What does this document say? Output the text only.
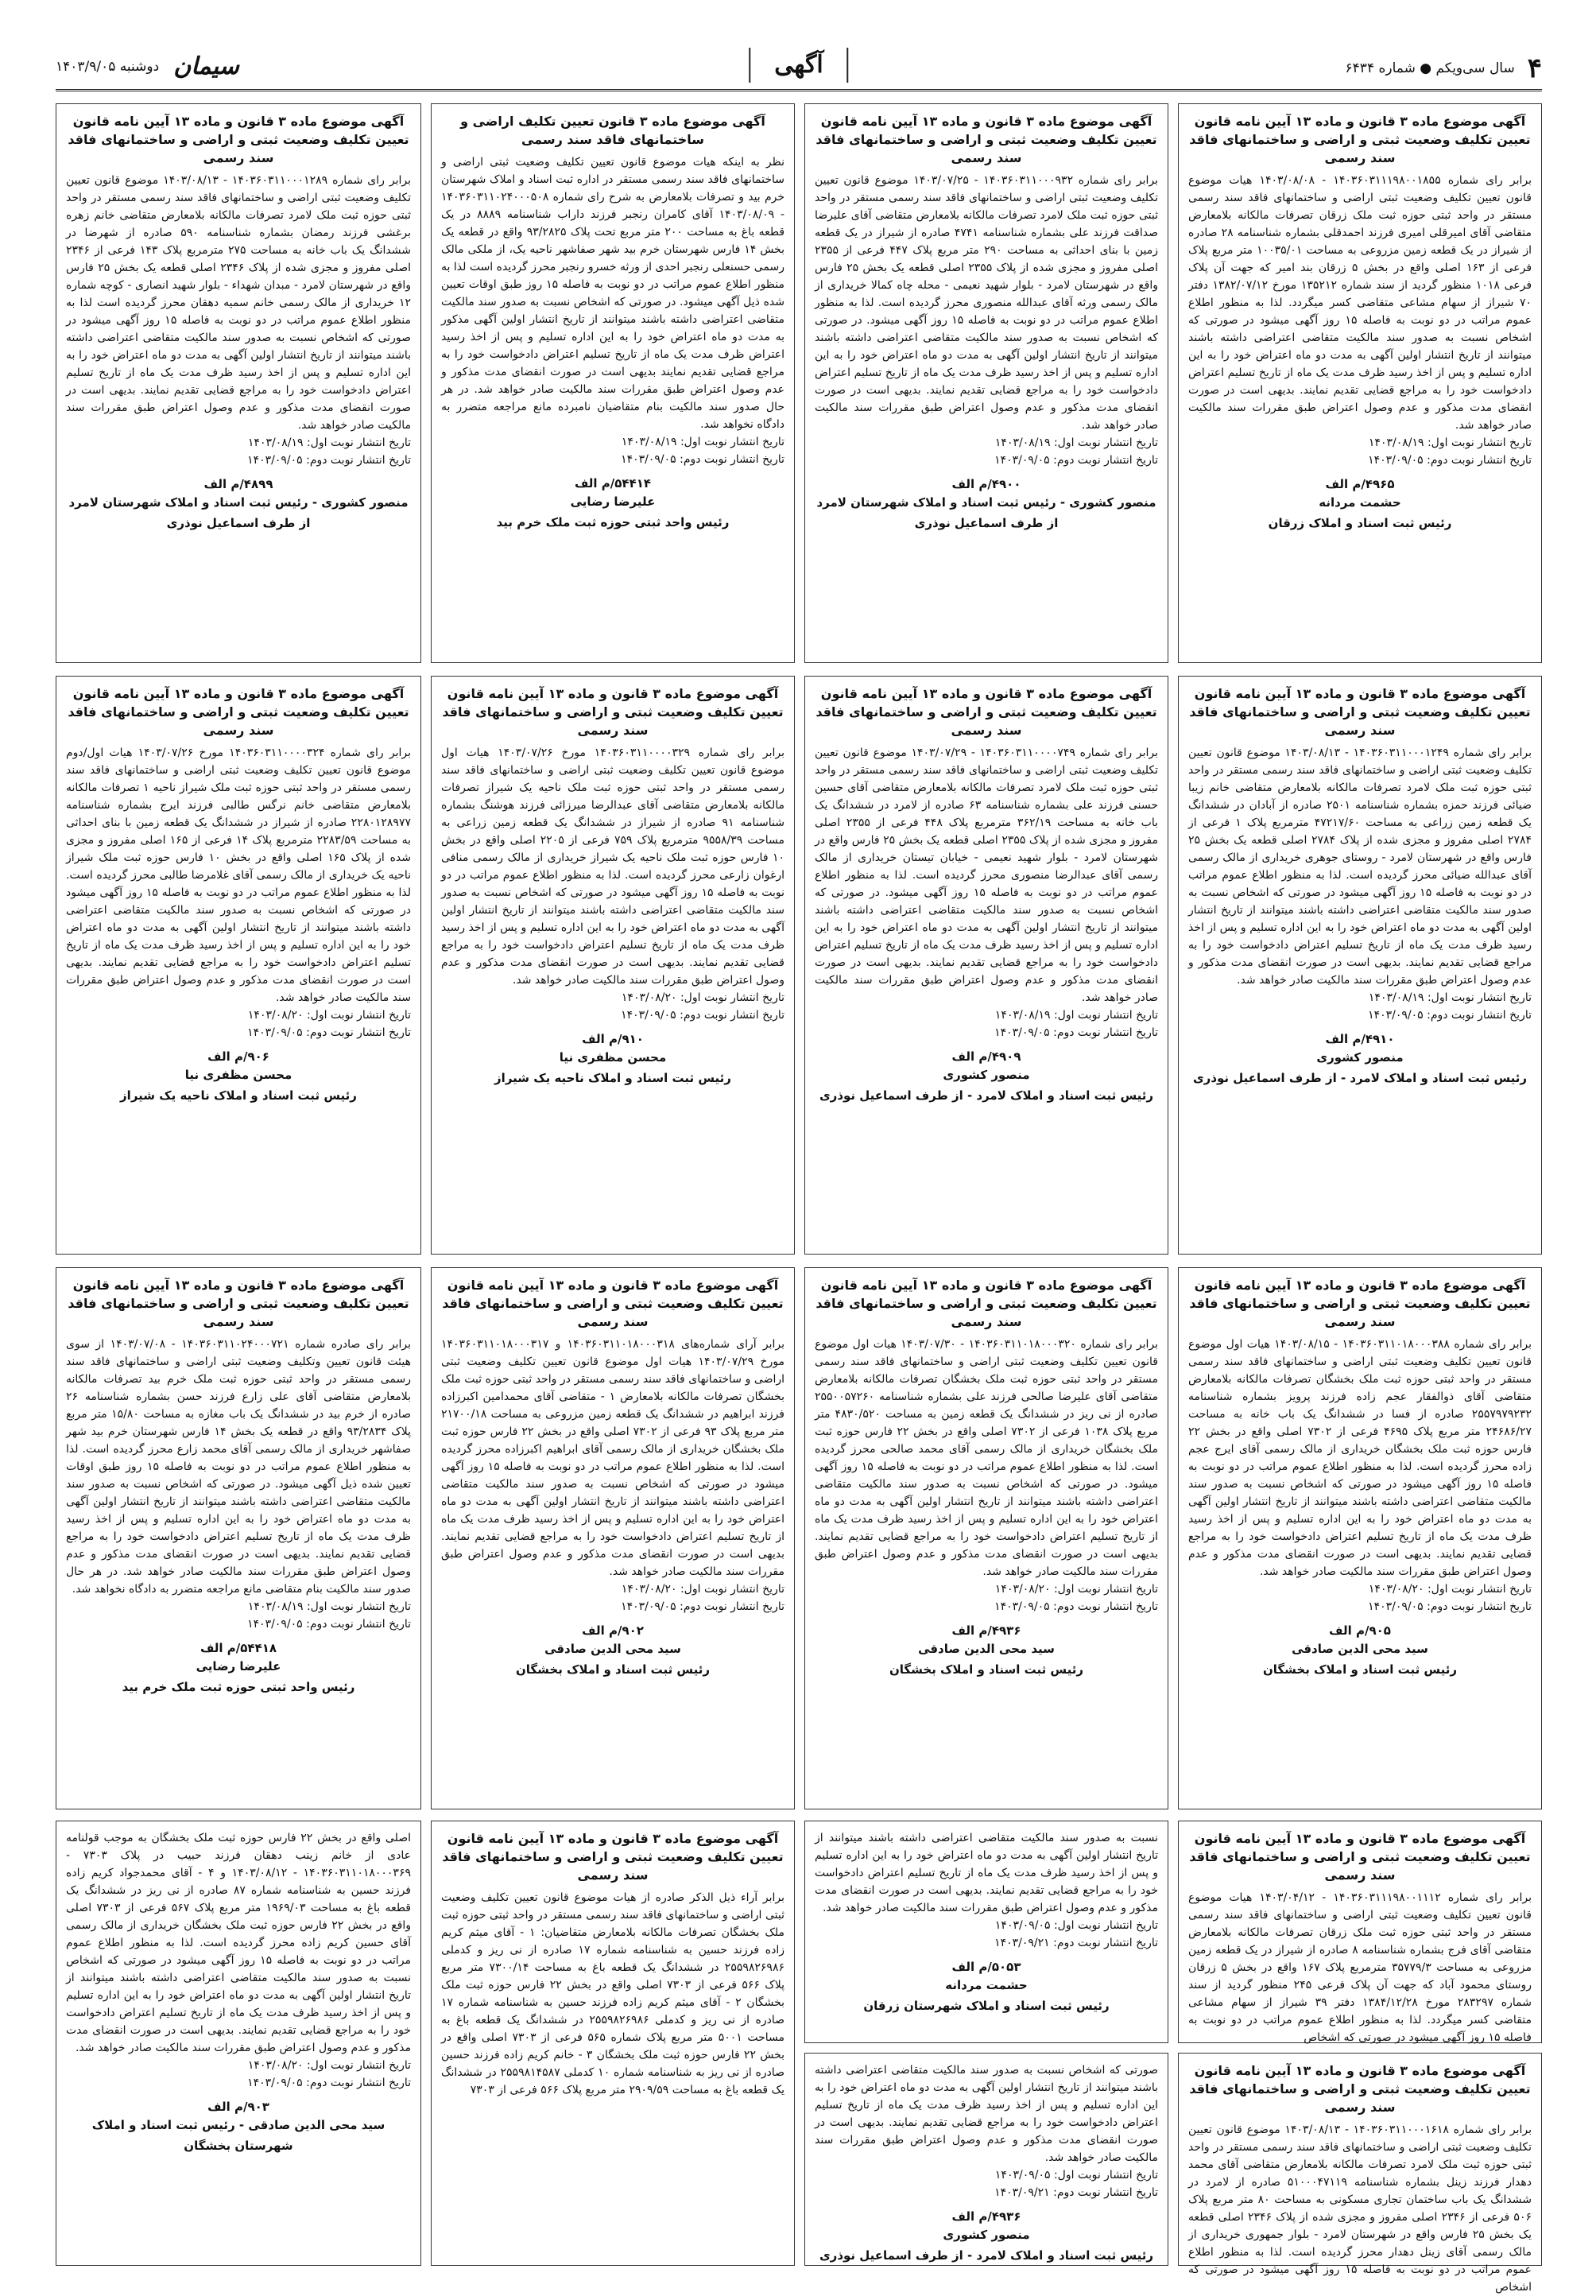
۴
سال سی‌ویکم ● شماره ۶۴۳۴
آگهی
سیمان
دوشنبه ۱۴۰۳/۹/۰۵

آگهی موضوع ماده ۳ قانون و ماده ۱۳ آیین نامه قانون تعیین تکلیف وضعیت ثبتی و اراضی و ساختمانهای فاقد سند رسمی

برابر رای شماره ۱۴۰۳۶۰۳۱۱۱۹۸۰۰۱۸۵۵ - ۱۴۰۳/۰۸/۰۸ هیات موضوع قانون تعیین تکلیف وضعیت ثبتی اراضی و ساختمانهای فاقد سند رسمی مستقر در واحد ثبتی حوزه ثبت ملک زرقان تصرفات مالکانه بلامعارض متقاضی آقای امیرقلی امیری فرزند احمدقلی بشماره شناسنامه ۲۸ صادره از شیراز در یک قطعه زمین مزروعی به مساحت ۱۰۰۳۵/۰۱ متر مربع پلاک فرعی از ۱۶۳ اصلی واقع در بخش ۵ زرقان بند امیر که جهت آن پلاک فرعی ۱۰۱۸ منظور گردید از سند شماره ۱۳۵۲۱۲ مورخ ۱۳۸۲/۰۷/۱۲ دفتر ۷۰ شیراز از سهام مشاعی متقاضی کسر میگردد. لذا به منظور اطلاع عموم مراتب در دو نوبت به فاصله ۱۵ روز آگهی میشود در صورتی که اشخاص نسبت به صدور سند مالکیت متقاضی اعتراضی داشته باشند میتوانند از تاریخ انتشار اولین آگهی به مدت دو ماه اعتراض خود را به این اداره تسلیم و پس از اخذ رسید ظرف مدت یک ماه از تاریخ تسلیم اعتراض دادخواست خود را به مراجع قضایی تقدیم نمایند. بدیهی است در صورت انقضای مدت مذکور و عدم وصول اعتراض طبق مقررات سند مالکیت صادر خواهد شد.

تاریخ انتشار نوبت اول: ۱۴۰۳/۰۸/۱۹

تاریخ انتشار نوبت دوم: ۱۴۰۳/۰۹/۰۵

۴۹۶۵/م الف

حشمت مردانه

رئیس ثبت اسناد و املاک زرقان

آگهی موضوع ماده ۳ قانون و ماده ۱۳ آیین نامه قانون تعیین تکلیف وضعیت ثبتی و اراضی و ساختمانهای فاقد سند رسمی

برابر رای شماره ۱۴۰۳۶۰۳۱۱۰۰۰۹۳۲ - ۱۴۰۳/۰۷/۲۵ موضوع قانون تعیین تکلیف وضعیت ثبتی اراضی و ساختمانهای فاقد سند رسمی مستقر در واحد ثبتی حوزه ثبت ملک لامرد تصرفات مالکانه بلامعارض متقاضی آقای علیرضا صداقت فرزند علی بشماره شناسنامه ۴۷۴۱ صادره از شیراز در یک قطعه زمین با بنای احداثی به مساحت ۲۹۰ متر مربع پلاک ۴۴۷ فرعی از ۲۳۵۵ اصلی مفروز و مجزی شده از پلاک ۲۳۵۵ اصلی قطعه یک بخش ۲۵ فارس واقع در شهرستان لامرد - بلوار شهید نعیمی - محله چاه کمالا خریداری از مالک رسمی ورثه آقای عبدالله منصوری محرز گردیده است. لذا به منظور اطلاع عموم مراتب در دو نوبت به فاصله ۱۵ روز آگهی میشود. در صورتی که اشخاص نسبت به صدور سند مالکیت متقاضی اعتراضی داشته باشند میتوانند از تاریخ انتشار اولین آگهی به مدت دو ماه اعتراض خود را به این اداره تسلیم و پس از اخذ رسید ظرف مدت یک ماه از تاریخ تسلیم اعتراض دادخواست خود را به مراجع قضایی تقدیم نمایند. بدیهی است در صورت انقضای مدت مذکور و عدم وصول اعتراض طبق مقررات سند مالکیت صادر خواهد شد.

تاریخ انتشار نوبت اول: ۱۴۰۳/۰۸/۱۹

تاریخ انتشار نوبت دوم: ۱۴۰۳/۰۹/۰۵

۴۹۰۰/م الف

منصور کشوری - رئیس ثبت اسناد و املاک شهرستان لامرد

از طرف اسماعیل نوذری

آگهی موضوع ماده ۳ قانون تعیین تکلیف اراضی و ساختمانهای فاقد سند رسمی

نظر به اینکه هیات موضوع قانون تعیین تکلیف وضعیت ثبتی اراضی و ساختمانهای فاقد سند رسمی مستقر در اداره ثبت اسناد و املاک شهرستان خرم بید و تصرفات بلامعارض به شرح رای شماره ۱۴۰۳۶۰۳۱۱۰۲۴۰۰۰۵۰۸ - ۱۴۰۳/۰۸/۰۹ آقای کامران رنجبر فرزند داراب شناسنامه ۸۸۸۹ در یک قطعه باغ به مساحت ۲۰۰ متر مربع تحت پلاک ۹۳/۲۸۲۵ واقع در قطعه یک بخش ۱۴ فارس شهرستان خرم بید شهر صفاشهر ناحیه یک، از ملکی مالک رسمی حسنعلی رنجبر احدی از ورثه خسرو رنجبر محرز گردیده است لذا به منظور اطلاع عموم مراتب در دو نوبت به فاصله ۱۵ روز طبق اوقات تعیین شده ذیل آگهی میشود. در صورتی که اشخاص نسبت به صدور سند مالکیت متقاضی اعتراضی داشته باشند میتوانند از تاریخ انتشار اولین آگهی مذکور به مدت دو ماه اعتراض خود را به این اداره تسلیم و پس از اخذ رسید اعتراض ظرف مدت یک ماه از تاریخ تسلیم اعتراض دادخواست خود را به مراجع قضایی تقدیم نمایند بدیهی است در صورت انقضای مدت مذکور و عدم وصول اعتراض طبق مقررات سند مالکیت صادر خواهد شد. در هر حال صدور سند مالکیت بنام متقاضیان نامبرده مانع مراجعه متضرر به دادگاه نخواهد شد.

تاریخ انتشار نوبت اول: ۱۴۰۳/۰۸/۱۹

تاریخ انتشار نوبت دوم: ۱۴۰۳/۰۹/۰۵

۵۴۴۱۴/م الف

علیرضا رضایی

رئیس واحد ثبتی حوزه ثبت ملک خرم بید

آگهی موضوع ماده ۳ قانون و ماده ۱۳ آیین نامه قانون تعیین تکلیف وضعیت ثبتی و اراضی و ساختمانهای فاقد سند رسمی

برابر رای شماره ۱۴۰۳۶۰۳۱۱۰۰۰۱۲۸۹ - ۱۴۰۳/۰۸/۱۳ موضوع قانون تعیین تکلیف وضعیت ثبتی اراضی و ساختمانهای فاقد سند رسمی مستقر در واحد ثبتی حوزه ثبت ملک لامرد تصرفات مالکانه بلامعارض متقاضی خانم زهره برغشی فرزند رمضان بشماره شناسنامه ۵۹۰ صادره از شهرضا در ششدانگ یک باب خانه به مساحت ۲۷۵ مترمربع پلاک ۱۴۳ فرعی از ۲۳۴۶ اصلی مفروز و مجزی شده از پلاک ۲۳۴۶ اصلی قطعه یک بخش ۲۵ فارس واقع در شهرستان لامرد - مبدان شهداء - بلوار شهید انصاری - کوچه شماره ۱۲ خریداری از مالک رسمی خانم سمیه دهقان محرز گردیده است لذا به منظور اطلاع عموم مراتب در دو نوبت به فاصله ۱۵ روز آگهی میشود در صورتی که اشخاص نسبت به صدور سند مالکیت متقاضی اعتراضی داشته باشند میتوانند از تاریخ انتشار اولین آگهی به مدت دو ماه اعتراض خود را به این اداره تسلیم و پس از اخذ رسید ظرف مدت یک ماه از تاریخ تسلیم اعتراض دادخواست خود را به مراجع قضایی تقدیم نمایند. بدیهی است در صورت انقضای مدت مذکور و عدم وصول اعتراض طبق مقررات سند مالکیت صادر خواهد شد.

تاریخ انتشار نوبت اول: ۱۴۰۳/۰۸/۱۹

تاریخ انتشار نوبت دوم: ۱۴۰۳/۰۹/۰۵

۴۸۹۹/م الف

منصور کشوری - رئیس ثبت اسناد و املاک شهرستان لامرد

از طرف اسماعیل نوذری

آگهی موضوع ماده ۳ قانون و ماده ۱۳ آیین نامه قانون تعیین تکلیف وضعیت ثبتی و اراضی و ساختمانهای فاقد سند رسمی

برابر رای شماره ۱۴۰۳۶۰۳۱۱۰۰۰۱۲۴۹ - ۱۴۰۳/۰۸/۱۳ موضوع قانون تعیین تکلیف وضعیت ثبتی اراضی و ساختمانهای فاقد سند رسمی مستقر در واحد ثبتی حوزه ثبت ملک لامرد تصرفات مالکانه بلامعارض متقاضی خانم زیبا ضیائی فرزند حمزه بشماره شناسنامه ۲۵۰۱ صادره از آبادان در ششدانگ یک قطعه زمین زراعی به مساحت ۴۷۲۱۷/۶۰ مترمربع پلاک ۱ فرعی از ۲۷۸۴ اصلی مفروز و مجزی شده از پلاک ۲۷۸۴ اصلی قطعه یک بخش ۲۵ فارس واقع در شهرستان لامرد - روستای جوهری خریداری از مالک رسمی آقای عبدالله ضیائی محرز گردیده است. لذا به منظور اطلاع عموم مراتب در دو نوبت به فاصله ۱۵ روز آگهی میشود در صورتی که اشخاص نسبت به صدور سند مالکیت متقاضی اعتراضی داشته باشند میتوانند از تاریخ انتشار اولین آگهی به مدت دو ماه اعتراض خود را به این اداره تسلیم و پس از اخذ رسید ظرف مدت یک ماه از تاریخ تسلیم اعتراض دادخواست خود را به مراجع قضایی تقدیم نمایند. بدیهی است در صورت انقضای مدت مذکور و عدم وصول اعتراض طبق مقررات سند مالکیت صادر خواهد شد.

تاریخ انتشار نوبت اول: ۱۴۰۳/۰۸/۱۹

تاریخ انتشار نوبت دوم: ۱۴۰۳/۰۹/۰۵

۴۹۱۰/م الف

منصور کشوری

رئیس ثبت اسناد و املاک لامرد - از طرف اسماعیل نوذری

آگهی موضوع ماده ۳ قانون و ماده ۱۳ آیین نامه قانون تعیین تکلیف وضعیت ثبتی و اراضی و ساختمانهای فاقد سند رسمی

برابر رای شماره ۱۴۰۳۶۰۳۱۱۰۰۰۰۷۴۹ - ۱۴۰۳/۰۷/۲۹ موضوع قانون تعیین تکلیف وضعیت ثبتی اراضی و ساختمانهای فاقد سند رسمی مستقر در واحد ثبتی حوزه ثبت ملک لامرد تصرفات مالکانه بلامعارض متقاضی آقای حسین حسنی فرزند علی بشماره شناسنامه ۶۳ صادره از لامرد در ششدانگ یک باب خانه به مساحت ۳۶۲/۱۹ مترمربع پلاک ۴۴۸ فرعی از ۲۳۵۵ اصلی مفروز و مجزی شده از پلاک ۲۳۵۵ اصلی قطعه یک بخش ۲۵ فارس واقع در شهرستان لامرد - بلوار شهید نعیمی - خیابان تیستان خریداری از مالک رسمی آقای عبدالرضا منصوری محرز گردیده است. لذا به منظور اطلاع عموم مراتب در دو نوبت به فاصله ۱۵ روز آگهی میشود. در صورتی که اشخاص نسبت به صدور سند مالکیت متقاضی اعتراضی داشته باشند میتوانند از تاریخ انتشار اولین آگهی به مدت دو ماه اعتراض خود را به این اداره تسلیم و پس از اخذ رسید ظرف مدت یک ماه از تاریخ تسلیم اعتراض دادخواست خود را به مراجع قضایی تقدیم نمایند. بدیهی است در صورت انقضای مدت مذکور و عدم وصول اعتراض طبق مقررات سند مالکیت صادر خواهد شد.

تاریخ انتشار نوبت اول: ۱۴۰۳/۰۸/۱۹

تاریخ انتشار نوبت دوم: ۱۴۰۳/۰۹/۰۵

۴۹۰۹/م الف

منصور کشوری

رئیس ثبت اسناد و املاک لامرد - از طرف اسماعیل نوذری

آگهی موضوع ماده ۳ قانون و ماده ۱۳ آیین نامه قانون تعیین تکلیف وضعیت ثبتی و اراضی و ساختمانهای فاقد سند رسمی

برابر رای شماره ۱۴۰۳۶۰۳۱۱۰۰۰۰۳۲۹ مورخ ۱۴۰۳/۰۷/۲۶ هیات اول موضوع قانون تعیین تکلیف وضعیت ثبتی اراضی و ساختمانهای فاقد سند رسمی مستقر در واحد ثبتی حوزه ثبت ملک ناحیه یک شیراز تصرفات مالکانه بلامعارض متقاضی آقای عبدالرضا میرزائی فرزند هوشنگ بشماره شناسنامه ۹۱ صادره از شیراز در ششدانگ یک قطعه زمین زراعی به مساحت ۹۵۵۸/۳۹ مترمربع پلاک ۷۵۹ فرعی از ۲۲۰۵ اصلی واقع در بخش ۱۰ فارس حوزه ثبت ملک ناحیه یک شیراز خریداری از مالک رسمی منافی ارغوان زارعی محرز گردیده است. لذا به منظور اطلاع عموم مراتب در دو نوبت به فاصله ۱۵ روز آگهی میشود در صورتی که اشخاص نسبت به صدور سند مالکیت متقاضی اعتراضی داشته باشند میتوانند از تاریخ انتشار اولین آگهی به مدت دو ماه اعتراض خود را به این اداره تسلیم و پس از اخذ رسید ظرف مدت یک ماه از تاریخ تسلیم اعتراض دادخواست خود را به مراجع قضایی تقدیم نمایند. بدیهی است در صورت انقضای مدت مذکور و عدم وصول اعتراض طبق مقررات سند مالکیت صادر خواهد شد.

تاریخ انتشار نوبت اول: ۱۴۰۳/۰۸/۲۰

تاریخ انتشار نوبت دوم: ۱۴۰۳/۰۹/۰۵

۹۱۰/م الف

محسن مظفری نیا

رئیس ثبت اسناد و املاک ناحیه یک شیراز

آگهی موضوع ماده ۳ قانون و ماده ۱۳ آیین نامه قانون تعیین تکلیف وضعیت ثبتی و اراضی و ساختمانهای فاقد سند رسمی

برابر رای شماره ۱۴۰۳۶۰۳۱۱۰۰۰۰۳۲۴ مورخ ۱۴۰۳/۰۷/۲۶ هیات اول/دوم موضوع قانون تعیین تکلیف وضعیت ثبتی اراضی و ساختمانهای فاقد سند رسمی مستقر در واحد ثبتی حوزه ثبت ملک شیراز ناحیه ۱ تصرفات مالکانه بلامعارض متقاضی خانم نرگس طالبی فرزند ایرج بشماره شناسنامه ۲۲۸۰۱۲۸۹۷۷ صادره از شیراز در ششدانگ یک قطعه زمین با بنای احداثی به مساحت ۲۲۸۳/۵۹ مترمربع پلاک ۱۴ فرعی از ۱۶۵ اصلی مفروز و مجزی شده از پلاک ۱۶۵ اصلی واقع در بخش ۱۰ فارس حوزه ثبت ملک شیراز ناحیه یک خریداری از مالک رسمی آقای غلامرضا طالبی محرز گردیده است. لذا به منظور اطلاع عموم مراتب در دو نوبت به فاصله ۱۵ روز آگهی میشود در صورتی که اشخاص نسبت به صدور سند مالکیت متقاضی اعتراضی داشته باشند میتوانند از تاریخ انتشار اولین آگهی به مدت دو ماه اعتراض خود را به این اداره تسلیم و پس از اخذ رسید ظرف مدت یک ماه از تاریخ تسلیم اعتراض دادخواست خود را به مراجع قضایی تقدیم نمایند. بدیهی است در صورت انقضای مدت مذکور و عدم وصول اعتراض طبق مقررات سند مالکیت صادر خواهد شد.

تاریخ انتشار نوبت اول: ۱۴۰۳/۰۸/۲۰

تاریخ انتشار نوبت دوم: ۱۴۰۳/۰۹/۰۵

۹۰۶/م الف

محسن مظفری نیا

رئیس ثبت اسناد و املاک ناحیه یک شیراز

آگهی موضوع ماده ۳ قانون و ماده ۱۳ آیین نامه قانون تعیین تکلیف وضعیت ثبتی و اراضی و ساختمانهای فاقد سند رسمی

برابر رای شماره ۱۴۰۳۶۰۳۱۱۰۱۸۰۰۰۳۸۸ - ۱۴۰۳/۰۸/۱۵ هیات اول موضوع قانون تعیین تکلیف وضعیت ثبتی اراضی و ساختمانهای فاقد سند رسمی مستقر در واحد ثبتی حوزه ثبت ملک بخشگان تصرفات مالکانه بلامعارض متقاضی آقای ذوالفقار عجم زاده فرزند پرویز بشماره شناسنامه ۲۵۵۷۹۷۹۲۳۲ صادره از فسا در ششدانگ یک باب خانه به مساحت ۲۴۶۸۶/۲۷ متر مربع پلاک ۴۶۹۵ فرعی از ۷۳۰۲ اصلی واقع در بخش ۲۲ فارس حوزه ثبت ملک بخشگان خریداری از مالک رسمی آقای ایرج عجم زاده محرز گردیده است. لذا به منظور اطلاع عموم مراتب در دو نوبت به فاصله ۱۵ روز آگهی میشود در صورتی که اشخاص نسبت به صدور سند مالکیت متقاضی اعتراضی داشته باشند میتوانند از تاریخ انتشار اولین آگهی به مدت دو ماه اعتراض خود را به این اداره تسلیم و پس از اخذ رسید ظرف مدت یک ماه از تاریخ تسلیم اعتراض دادخواست خود را به مراجع قضایی تقدیم نمایند. بدیهی است در صورت انقضای مدت مذکور و عدم وصول اعتراض طبق مقررات سند مالکیت صادر خواهد شد.

تاریخ انتشار نوبت اول: ۱۴۰۳/۰۸/۲۰

تاریخ انتشار نوبت دوم: ۱۴۰۳/۰۹/۰۵

۹۰۵/م الف

سید محی الدین صادقی

رئیس ثبت اسناد و املاک بخشگان

آگهی موضوع ماده ۳ قانون و ماده ۱۳ آیین نامه قانون تعیین تکلیف وضعیت ثبتی و اراضی و ساختمانهای فاقد سند رسمی

برابر رای شماره ۱۴۰۳۶۰۳۱۱۰۱۸۰۰۰۳۲۰ - ۱۴۰۳/۰۷/۳۰ هیات اول موضوع قانون تعیین تکلیف وضعیت ثبتی اراضی و ساختمانهای فاقد سند رسمی مستقر در واحد ثبتی حوزه ثبت ملک بخشگان تصرفات مالکانه بلامعارض متقاضی آقای علیرضا صالحی فرزند علی بشماره شناسنامه ۲۵۵۰۰۵۷۲۶۰ صادره از نی ریز در ششدانگ یک قطعه زمین به مساحت ۴۸۳۰/۵۲۰ متر مربع پلاک ۱۰۳۸ فرعی از ۷۳۰۲ اصلی واقع در بخش ۲۲ فارس حوزه ثبت ملک بخشگان خریداری از مالک رسمی آقای محمد صالحی محرز گردیده است. لذا به منظور اطلاع عموم مراتب در دو نوبت به فاصله ۱۵ روز آگهی میشود. در صورتی که اشخاص نسبت به صدور سند مالکیت متقاضی اعتراضی داشته باشند میتوانند از تاریخ انتشار اولین آگهی به مدت دو ماه اعتراض خود را به این اداره تسلیم و پس از اخذ رسید ظرف مدت یک ماه از تاریخ تسلیم اعتراض دادخواست خود را به مراجع قضایی تقدیم نمایند. بدیهی است در صورت انقضای مدت مذکور و عدم وصول اعتراض طبق مقررات سند مالکیت صادر خواهد شد.

تاریخ انتشار نوبت اول: ۱۴۰۳/۰۸/۲۰

تاریخ انتشار نوبت دوم: ۱۴۰۳/۰۹/۰۵

۴۹۳۶/م الف

سید محی الدین صادقی

رئیس ثبت اسناد و املاک بخشگان

آگهی موضوع ماده ۳ قانون و ماده ۱۳ آیین نامه قانون تعیین تکلیف وضعیت ثبتی و اراضی و ساختمانهای فاقد سند رسمی

برابر آرای شماره‌های ۱۴۰۳۶۰۳۱۱۰۱۸۰۰۰۳۱۸ و ۱۴۰۳۶۰۳۱۱۰۱۸۰۰۰۳۱۷ مورخ ۱۴۰۳/۰۷/۲۹ هیات اول موضوع قانون تعیین تکلیف وضعیت ثبتی اراضی و ساختمانهای فاقد سند رسمی مستقر در واحد ثبتی حوزه ثبت ملک بخشگان تصرفات مالکانه بلامعارض ۱ - متقاضی آقای محمدامین اکبرزاده فرزند ابراهیم در ششدانگ یک قطعه زمین مزروعی به مساحت ۲۱۷۰۰/۱۸ متر مربع پلاک ۹۳ فرعی از ۷۳۰۲ اصلی واقع در بخش ۲۲ فارس حوزه ثبت ملک بخشگان خریداری از مالک رسمی آقای ابراهیم اکبرزاده محرز گردیده است. لذا به منظور اطلاع عموم مراتب در دو نوبت به فاصله ۱۵ روز آگهی میشود در صورتی که اشخاص نسبت به صدور سند مالکیت متقاضی اعتراضی داشته باشند میتوانند از تاریخ انتشار اولین آگهی به مدت دو ماه اعتراض خود را به این اداره تسلیم و پس از اخذ رسید ظرف مدت یک ماه از تاریخ تسلیم اعتراض دادخواست خود را به مراجع قضایی تقدیم نمایند. بدیهی است در صورت انقضای مدت مذکور و عدم وصول اعتراض طبق مقررات سند مالکیت صادر خواهد شد.

تاریخ انتشار نوبت اول: ۱۴۰۳/۰۸/۲۰

تاریخ انتشار نوبت دوم: ۱۴۰۳/۰۹/۰۵

۹۰۲/م الف

سید محی الدین صادقی

رئیس ثبت اسناد و املاک بخشگان

آگهی موضوع ماده ۳ قانون و ماده ۱۳ آیین نامه قانون تعیین تکلیف وضعیت ثبتی و اراضی و ساختمانهای فاقد سند رسمی

برابر رای صادره شماره ۱۴۰۳۶۰۳۱۱۰۲۴۰۰۰۷۲۱ - ۱۴۰۳/۰۷/۰۸ از سوی هیئت قانون تعیین وتکلیف وضعیت ثبتی اراضی و ساختمانهای فاقد سند رسمی مستقر در واحد ثبتی حوزه ثبت ملک خرم بید تصرفات مالکانه بلامعارض متقاضی آقای علی زارع فرزند حسن بشماره شناسنامه ۲۶ صادره از خرم بید در ششدانگ یک باب مغازه به مساحت ۱۵/۸۰ متر مربع پلاک ۹۳/۲۸۳۴ واقع در قطعه یک بخش ۱۴ فارس شهرستان خرم بید شهر صفاشهر خریداری از مالک رسمی آقای محمد زارع محرز گردیده است. لذا به منظور اطلاع عموم مراتب در دو نوبت به فاصله ۱۵ روز طبق اوقات تعیین شده ذیل آگهی میشود. در صورتی که اشخاص نسبت به صدور سند مالکیت متقاضی اعتراضی داشته باشند میتوانند از تاریخ انتشار اولین آگهی به مدت دو ماه اعتراض خود را به این اداره تسلیم و پس از اخذ رسید ظرف مدت یک ماه از تاریخ تسلیم اعتراض دادخواست خود را به مراجع قضایی تقدیم نمایند. بدیهی است در صورت انقضای مدت مذکور و عدم وصول اعتراض طبق مقررات سند مالکیت صادر خواهد شد. در هر حال صدور سند مالکیت بنام متقاضی مانع مراجعه متضرر به دادگاه نخواهد شد.

تاریخ انتشار نوبت اول: ۱۴۰۳/۰۸/۱۹

تاریخ انتشار نوبت دوم: ۱۴۰۳/۰۹/۰۵

۵۴۴۱۸/م الف

علیرضا رضایی

رئیس واحد ثبتی حوزه ثبت ملک خرم بید

آگهی موضوع ماده ۳ قانون و ماده ۱۳ آیین نامه قانون تعیین تکلیف وضعیت ثبتی و اراضی و ساختمانهای فاقد سند رسمی

برابر رای شماره ۱۴۰۳۶۰۳۱۱۱۹۸۰۰۱۱۱۲ - ۱۴۰۳/۰۴/۱۲ هیات موضوع قانون تعیین تکلیف وضعیت ثبتی اراضی و ساختمانهای فاقد سند رسمی مستقر در واحد ثبتی حوزه ثبت ملک زرقان تصرفات مالکانه بلامعارض متقاضی آقای فرج بشماره شناسنامه ۸ صادره از شیراز در یک قطعه زمین مزروعی به مساحت ۳۵۷۷۹/۳ مترمربع پلاک ۱۶۷ واقع در بخش ۵ زرقان روستای محمود آباد که جهت آن پلاک فرعی ۲۴۵ منظور گردید از سند شماره ۲۸۳۲۹۷ مورخ ۱۳۸۴/۱۲/۲۸ دفتر ۳۹ شیراز از سهام مشاعی متقاضی کسر میگردد. لذا به منظور اطلاع عموم مراتب در دو نوبت به فاصله ۱۵ روز آگهی میشود در صورتی که اشخاص

نسبت به صدور سند مالکیت متقاضی اعتراضی داشته باشند میتوانند از تاریخ انتشار اولین آگهی به مدت دو ماه اعتراض خود را به این اداره تسلیم و پس از اخذ رسید ظرف مدت یک ماه از تاریخ تسلیم اعتراض دادخواست خود را به مراجع قضایی تقدیم نمایند. بدیهی است در صورت انقضای مدت مذکور و عدم وصول اعتراض طبق مقررات سند مالکیت صادر خواهد شد.

تاریخ انتشار نوبت اول: ۱۴۰۳/۰۹/۰۵

تاریخ انتشار نوبت دوم: ۱۴۰۳/۰۹/۲۱

۵۰۵۳/م الف

حشمت مردانه

رئیس ثبت اسناد و املاک شهرستان زرقان

آگهی موضوع ماده ۳ قانون و ماده ۱۳ آیین نامه قانون تعیین تکلیف وضعیت ثبتی و اراضی و ساختمانهای فاقد سند رسمی

برابر رای شماره ۱۴۰۳۶۰۳۱۱۰۰۰۱۶۱۸ - ۱۴۰۳/۰۸/۱۳ موضوع قانون تعیین تکلیف وضعیت ثبتی اراضی و ساختمانهای فاقد سند رسمی مستقر در واحد ثبتی حوزه ثبت ملک لامرد تصرفات مالکانه بلامعارض متقاضی آقای محمد دهدار فرزند زینل بشماره شناسنامه ۵۱۰۰۰۴۷۱۱۹ صادره از لامرد در ششدانگ یک باب ساختمان تجاری مسکونی به مساحت ۸۰ متر مربع پلاک ۵۰۶ فرعی از ۲۳۴۶ اصلی مفروز و مجزی شده از پلاک ۲۳۴۶ اصلی قطعه یک بخش ۲۵ فارس واقع در شهرستان لامرد - بلوار جمهوری خریداری از مالک رسمی آقای زینل دهدار محرز گردیده است. لذا به منظور اطلاع عموم مراتب در دو نوبت به فاصله ۱۵ روز آگهی میشود در صورتی که اشخاص

صورتی که اشخاص نسبت به صدور سند مالکیت متقاضی اعتراضی داشته باشند میتوانند از تاریخ انتشار اولین آگهی به مدت دو ماه اعتراض خود را به این اداره تسلیم و پس از اخذ رسید ظرف مدت یک ماه از تاریخ تسلیم اعتراض دادخواست خود را به مراجع قضایی تقدیم نمایند. بدیهی است در صورت انقضای مدت مذکور و عدم وصول اعتراض طبق مقررات سند مالکیت صادر خواهد شد.

تاریخ انتشار نوبت اول: ۱۴۰۳/۰۹/۰۵

تاریخ انتشار نوبت دوم: ۱۴۰۳/۰۹/۲۱

۴۹۳۶/م الف

منصور کشوری

رئیس ثبت اسناد و املاک لامرد - از طرف اسماعیل نوذری

آگهی موضوع ماده ۳ قانون و ماده ۱۳ آیین نامه قانون تعیین تکلیف وضعیت ثبتی و اراضی و ساختمانهای فاقد سند رسمی

برابر آراء ذیل الذکر صادره از هیات موضوع قانون تعیین تکلیف وضعیت ثبتی اراضی و ساختمانهای فاقد سند رسمی مستقر در واحد ثبتی حوزه ثبت ملک بخشگان تصرفات مالکانه بلامعارض متقاضیان: ۱ - آقای میثم کریم زاده فرزند حسین به شناسنامه شماره ۱۷ صادره از نی ریز و کدملی ۲۵۵۹۸۲۶۹۸۶ در ششدانگ یک قطعه باغ به مساحت ۷۳۰۰/۱۴ متر مربع پلاک ۵۶۶ فرعی از ۷۳۰۳ اصلی واقع در بخش ۲۲ فارس حوزه ثبت ملک بخشگان ۲ - آقای میثم کریم زاده فرزند حسین به شناسنامه شماره ۱۷ صادره از نی ریز و کدملی ۲۵۵۹۸۲۶۹۸۶ در ششدانگ یک قطعه باغ به مساحت ۵۰۰۱ متر مربع پلاک شماره ۵۶۵ فرعی از ۷۳۰۳ اصلی واقع در بخش ۲۲ فارس حوزه ثبت ملک بخشگان ۳ - خانم کریم زاده فرزند حسین صادره از نی ریز به شناسنامه شماره ۱۰ کدملی ۲۵۵۹۸۱۴۵۸۷ در ششدانگ یک قطعه باغ به مساحت ۲۹۰۹/۵۹ متر مربع پلاک ۵۶۶ فرعی از ۷۳۰۳

اصلی واقع در بخش ۲۲ فارس حوزه ثبت ملک بخشگان به موجب قولنامه عادی از خانم زینب دهقان فرزند حبیب در پلاک ۷۳۰۳ - ۱۴۰۳۶۰۳۱۱۰۱۸۰۰۰۳۶۹ - ۱۴۰۳/۰۸/۱۲ و ۴ - آقای محمدجواد کریم زاده فرزند حسین به شناسنامه شماره ۸۷ صادره از نی ریز در ششدانگ یک قطعه باغ به مساحت ۱۹۶۹/۰۳ متر مربع پلاک ۵۶۷ فرعی از ۷۳۰۳ اصلی واقع در بخش ۲۲ فارس حوزه ثبت ملک بخشگان خریداری از مالک رسمی آقای حسین کریم زاده محرز گردیده است. لذا به منظور اطلاع عموم مراتب در دو نوبت به فاصله ۱۵ روز آگهی میشود در صورتی که اشخاص نسبت به صدور سند مالکیت متقاضی اعتراضی داشته باشند میتوانند از تاریخ انتشار اولین آگهی به مدت دو ماه اعتراض خود را به این اداره تسلیم و پس از اخذ رسید ظرف مدت یک ماه از تاریخ تسلیم اعتراض دادخواست خود را به مراجع قضایی تقدیم نمایند. بدیهی است در صورت انقضای مدت مذکور و عدم وصول اعتراض طبق مقررات سند مالکیت صادر خواهد شد.

تاریخ انتشار نوبت اول: ۱۴۰۳/۰۸/۲۰

تاریخ انتشار نوبت دوم: ۱۴۰۳/۰۹/۰۵

۹۰۳/م الف

سید محی الدین صادقی - رئیس ثبت اسناد و املاک

شهرستان بخشگان
